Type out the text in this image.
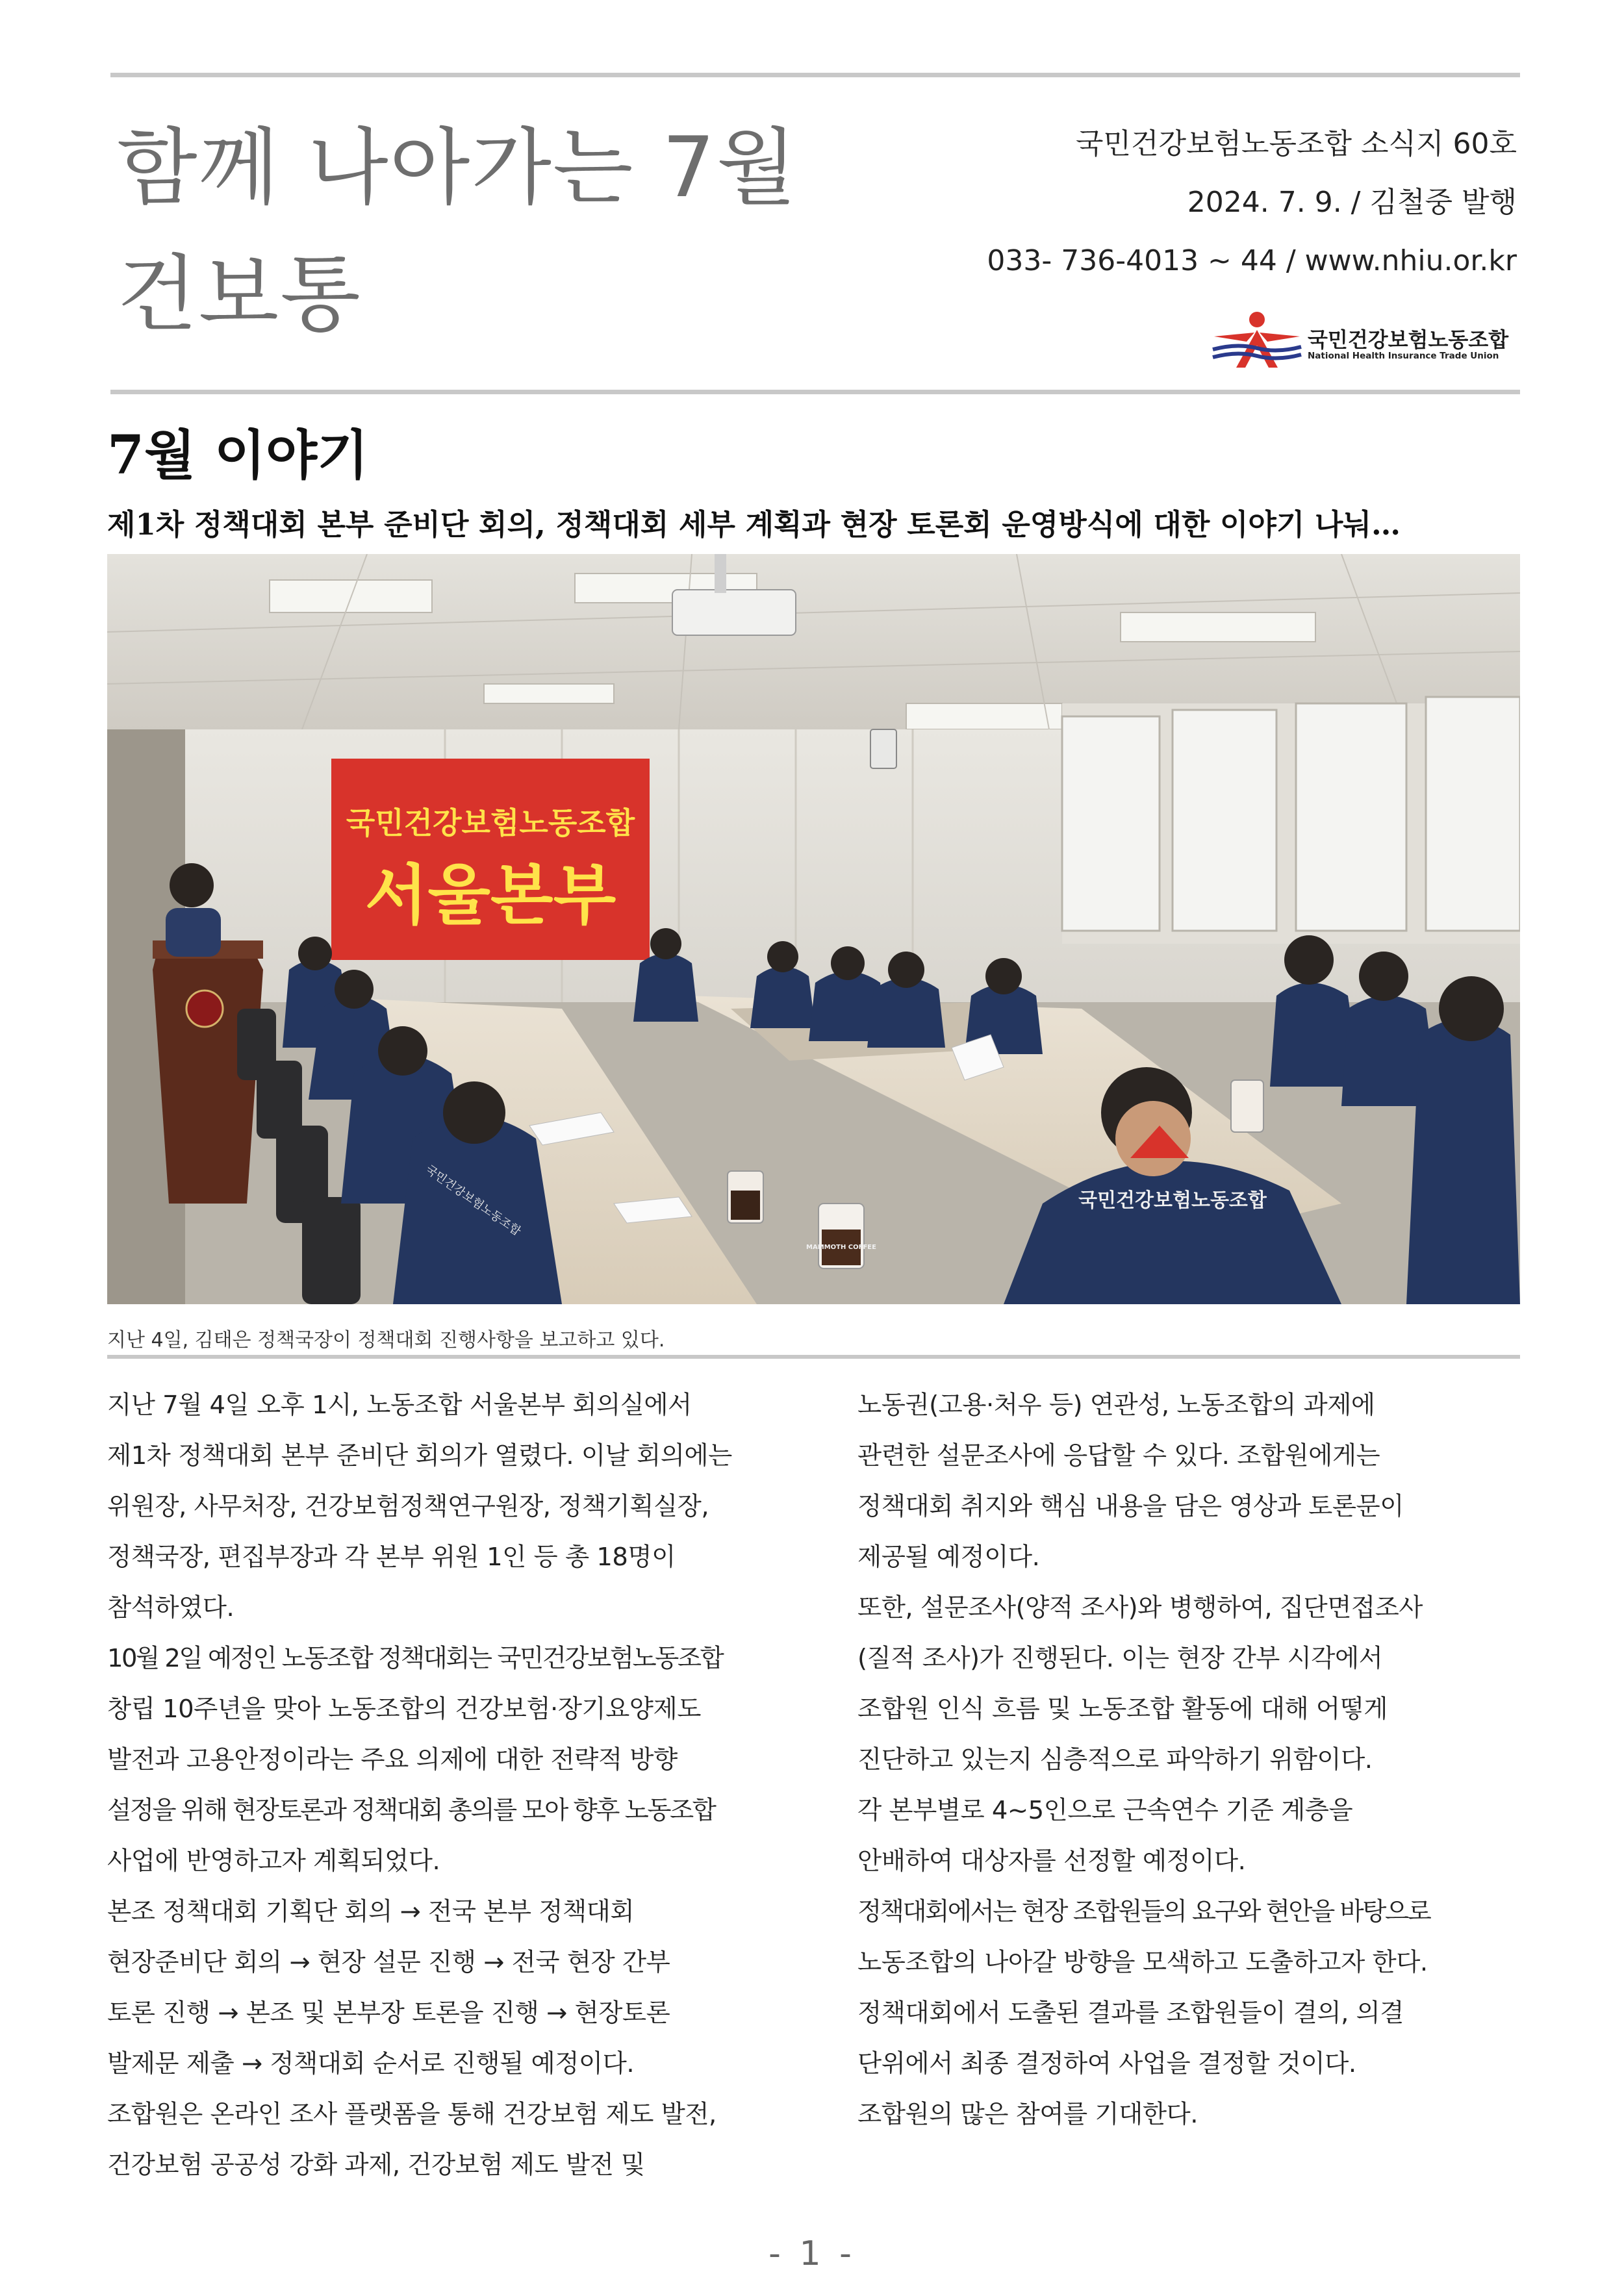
함께 나아가는 7월
건보통
국민건강보험노동조합 소식지 60호
2024. 7. 9. / 김철중 발행
033- 736-4013 ~ 44 / www.nhiu.or.kr
국민건강보험노동조합
National Health Insurance Trade Union
7월 이야기
제1차 정책대회 본부 준비단 회의, 정책대회 세부 계획과 현장 토론회 운영방식에 대한 이야기 나눠…
국민건강보험노동조합
서울본부
국민건강보험노동조합	국민건강보험노동조합
MAMMOTH COFFEE
지난 4일, 김태은 정책국장이 정책대회 진행사항을 보고하고 있다.

지난 7월 4일 오후 1시, 노동조합 서울본부 회의실에서

제1차 정책대회 본부 준비단 회의가 열렸다. 이날 회의에는

위원장, 사무처장, 건강보험정책연구원장, 정책기획실장,

정책국장, 편집부장과 각 본부 위원 1인 등 총 18명이

참석하였다.

10월 2일 예정인 노동조합 정책대회는 국민건강보험노동조합

창립 10주년을 맞아 노동조합의 건강보험·장기요양제도

발전과 고용안정이라는 주요 의제에 대한 전략적 방향

설정을 위해 현장토론과 정책대회 총의를 모아 향후 노동조합

사업에 반영하고자 계획되었다.

본조 정책대회 기획단 회의 → 전국 본부 정책대회

현장준비단 회의 → 현장 설문 진행 → 전국 현장 간부

토론 진행 → 본조 및 본부장 토론을 진행 → 현장토론

발제문 제출 → 정책대회 순서로 진행될 예정이다.

조합원은 온라인 조사 플랫폼을 통해 건강보험 제도 발전,

건강보험 공공성 강화 과제, 건강보험 제도 발전 및

노동권(고용·처우 등) 연관성, 노동조합의 과제에

관련한 설문조사에 응답할 수 있다. 조합원에게는

정책대회 취지와 핵심 내용을 담은 영상과 토론문이

제공될 예정이다.

또한, 설문조사(양적 조사)와 병행하여, 집단면접조사

(질적 조사)가 진행된다. 이는 현장 간부 시각에서

조합원 인식 흐름 및 노동조합 활동에 대해 어떻게

진단하고 있는지 심층적으로 파악하기 위함이다.

각 본부별로 4~5인으로 근속연수 기준 계층을

안배하여 대상자를 선정할 예정이다.

정책대회에서는 현장 조합원들의 요구와 현안을 바탕으로

노동조합의 나아갈 방향을 모색하고 도출하고자 한다.

정책대회에서 도출된 결과를 조합원들이 결의, 의결

단위에서 최종 결정하여 사업을 결정할 것이다.

조합원의 많은 참여를 기대한다.

- 1 -
